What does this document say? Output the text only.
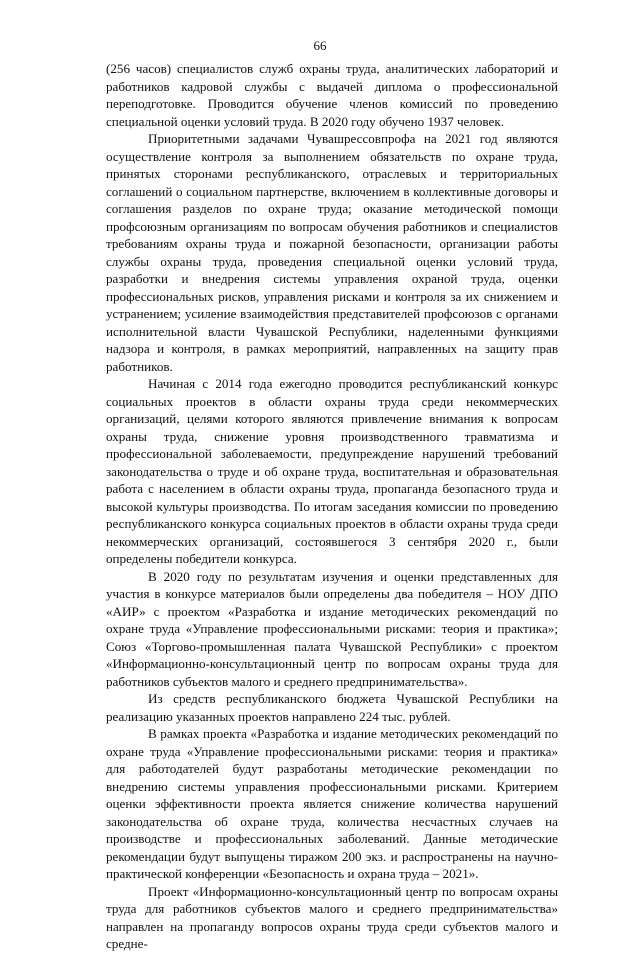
66

(256 часов) специалистов служб охраны труда, аналитических лабораторий и работников кадровой службы с выдачей диплома о профессиональной переподготовке. Проводится обучение членов комиссий по проведению специальной оценки условий труда. В 2020 году обучено 1937 человек.

Приоритетными задачами Чувашрессовпрофа на 2021 год являются осуществление контроля за выполнением обязательств по охране труда, принятых сторонами республиканского, отраслевых и территориальных соглашений о социальном партнерстве, включением в коллективные договоры и соглашения разделов по охране труда; оказание методической помощи профсоюзным организациям по вопросам обучения работников и специалистов требованиям охраны труда и пожарной безопасности, организации работы службы охраны труда, проведения специальной оценки условий труда, разработки и внедрения системы управления охраной труда, оценки профессиональных рисков, управления рисками и контроля за их снижением и устранением; усиление взаимодействия представителей профсоюзов с органами исполнительной власти Чувашской Республики, наделенными функциями надзора и контроля, в рамках мероприятий, направленных на защиту прав работников.

Начиная с 2014 года ежегодно проводится республиканский конкурс социальных проектов в области охраны труда среди некоммерческих организаций, целями которого являются привлечение внимания к вопросам охраны труда, снижение уровня производственного травматизма и профессиональной заболеваемости, предупреждение нарушений требований законодательства о труде и об охране труда, воспитательная и образовательная работа с населением в области охраны труда, пропаганда безопасного труда и высокой культуры производства. По итогам заседания комиссии по проведению республиканского конкурса социальных проектов в области охраны труда среди некоммерческих организаций, состоявшегося 3 сентября 2020 г., были определены победители конкурса.

В 2020 году по результатам изучения и оценки представленных для участия в конкурсе материалов были определены два победителя – НОУ ДПО «АИР» с проектом «Разработка и издание методических рекомендаций по охране труда «Управление профессиональными рисками: теория и практика»; Союз «Торгово-промышленная палата Чувашской Республики» с проектом «Информационно-консультационный центр по вопросам охраны труда для работников субъектов малого и среднего предпринимательства».

Из средств республиканского бюджета Чувашской Республики на реализацию указанных проектов направлено 224 тыс. рублей.

В рамках проекта «Разработка и издание методических рекомендаций по охране труда «Управление профессиональными рисками: теория и практика» для работодателей будут разработаны методические рекомендации по внедрению системы управления профессиональными рисками. Критерием оценки эффективности проекта является снижение количества нарушений законодательства об охране труда, количества несчастных случаев на производстве и профессиональных заболеваний. Данные методические рекомендации будут выпущены тиражом 200 экз. и распространены на научно-практической конференции «Безопасность и охрана труда – 2021».

Проект «Информационно-консультационный центр по вопросам охраны труда для работников субъектов малого и среднего предпринимательства» направлен на пропаганду вопросов охраны труда среди субъектов малого и средне-
